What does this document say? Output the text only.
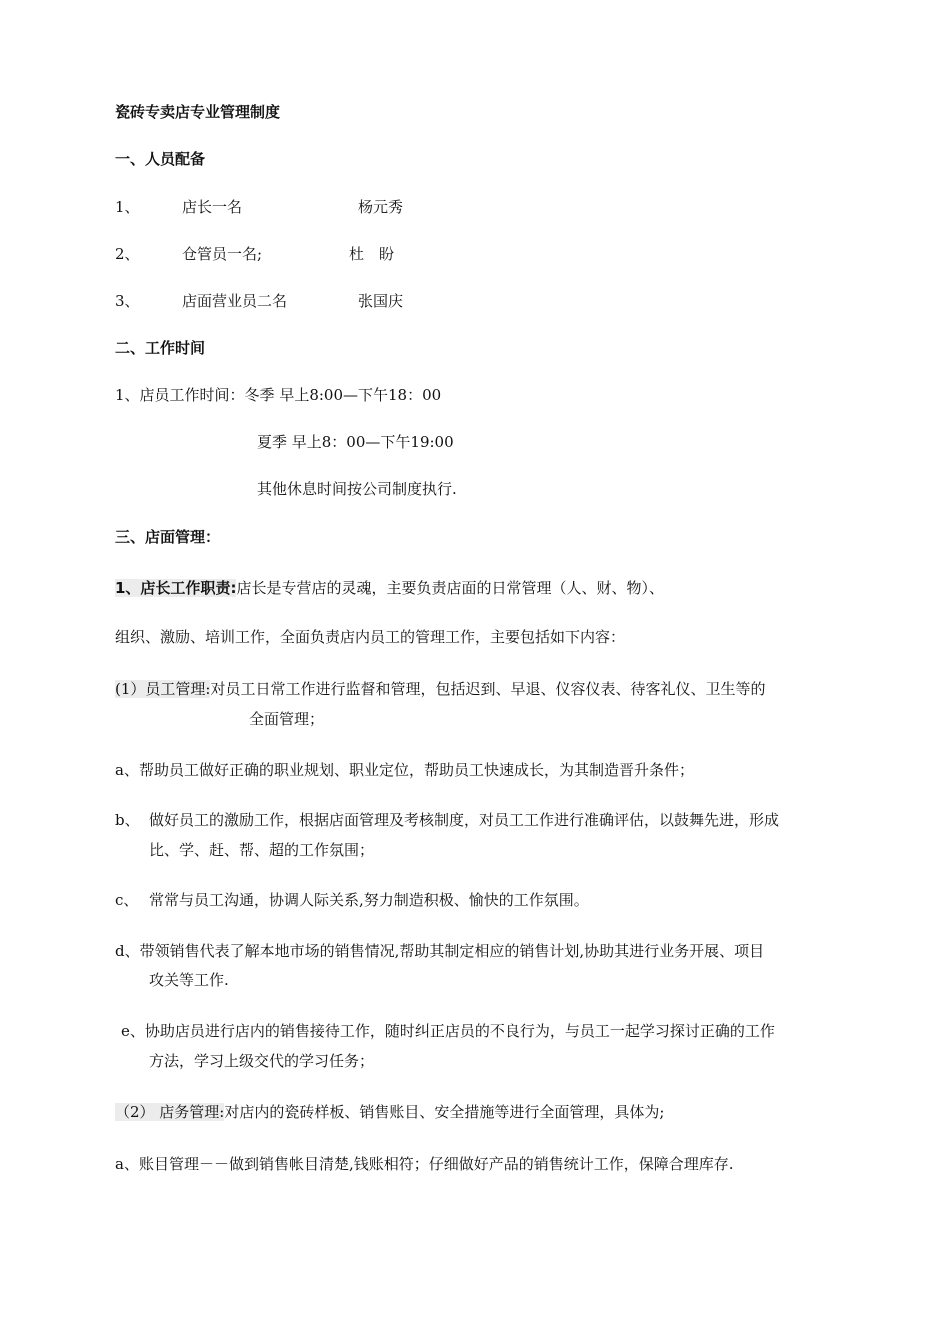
瓷砖专卖店专业管理制度
一、人员配备
1、	店长一名	杨元秀
2、	仓管员一名;	杜　盼
3、	店面营业员二名	张国庆
二、工作时间
1、店员工作时间：冬季 早上8:00—下午18：00
夏季 早上8：00—下午19:00
其他休息时间按公司制度执行.
三、店面管理：
1、店长工作职责:店长是专营店的灵魂，主要负责店面的日常管理（人、财、物）、
组织、激励、培训工作，全面负责店内员工的管理工作，主要包括如下内容：
(1）员工管理:对员工日常工作进行监督和管理，包括迟到、早退、仪容仪表、待客礼仪、卫生等的
全面管理；
a、帮助员工做好正确的职业规划、职业定位，帮助员工快速成长，为其制造晋升条件；
b、 做好员工的激励工作，根据店面管理及考核制度，对员工工作进行准确评估，以鼓舞先进，形成
比、学、赶、帮、超的工作氛围；
c、 常常与员工沟通，协调人际关系,努力制造积极、愉快的工作氛围。
d、带领销售代表了解本地市场的销售情况,帮助其制定相应的销售计划,协助其进行业务开展、项目
攻关等工作.
e、协助店员进行店内的销售接待工作，随时纠正店员的不良行为，与员工一起学习探讨正确的工作
方法，学习上级交代的学习任务；
（2） 店务管理:对店内的瓷砖样板、销售账目、安全措施等进行全面管理，具体为;
a、账目管理－－做到销售帐目清楚,钱账相符；仔细做好产品的销售统计工作，保障合理库存.
